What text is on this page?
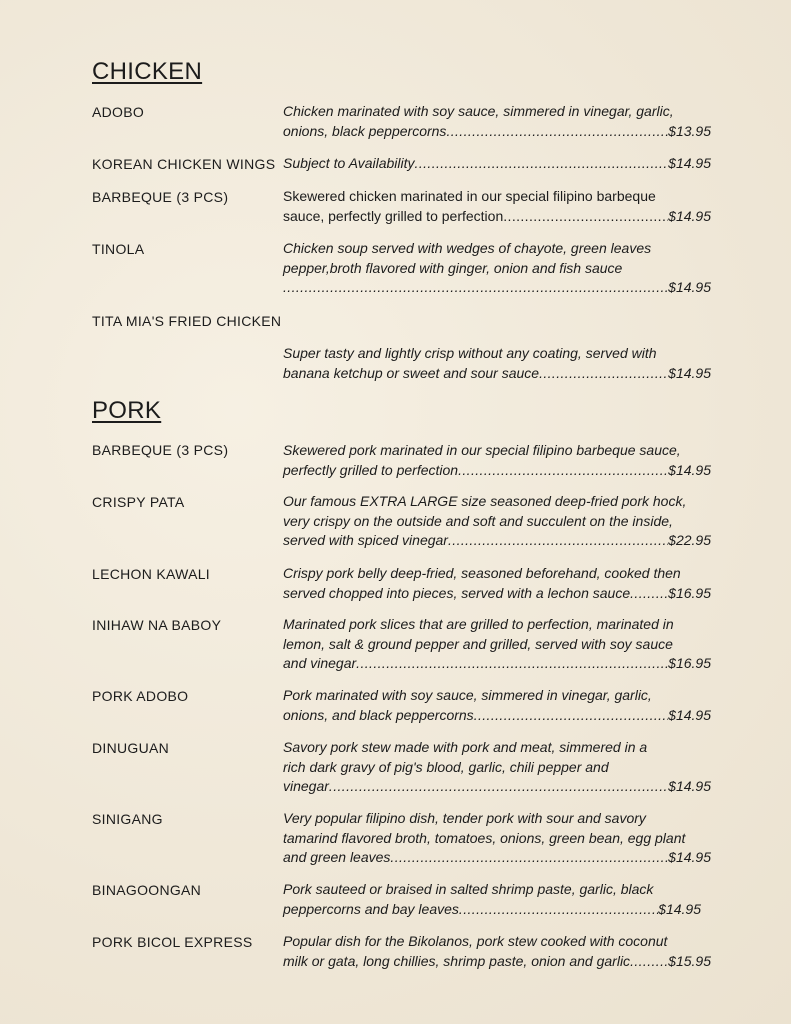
CHICKEN
ADOBO	Chicken marinated with soy sauce, simmered in vinegar, garlic,
onions, black peppercorns .....	$13.95
KOREAN CHICKEN WINGS Subject to Availability .....	$14.95
BARBEQUE (3 PCS)	Skewered chicken marinated in our special filipino barbeque
sauce, perfectly grilled to perfection .....	$14.95
TINOLA	Chicken soup served with wedges of chayote, green leaves
pepper,broth flavored with ginger, onion and fish sauce
.....
$14.95
TITA MIA'S FRIED CHICKEN
Super tasty and lightly crisp without any coating, served with
banana ketchup or sweet and sour sauce .....	$14.95
PORK
BARBEQUE (3 PCS)	Skewered pork marinated in our special filipino barbeque sauce,
perfectly grilled to perfection .....	$14.95
CRISPY PATA	Our famous EXTRA LARGE size seasoned deep-fried pork hock,
very crispy on the outside and soft and succulent on the inside,
served with spiced vinegar .....	$22.95
LECHON KAWALI	Crispy pork belly deep-fried, seasoned beforehand, cooked then
served chopped into pieces, served with a lechon sauce .....	$16.95
INIHAW NA BABOY	Marinated pork slices that are grilled to perfection, marinated in
lemon, salt & ground pepper and grilled, served with soy sauce
and vinegar .....	$16.95
PORK ADOBO	Pork marinated with soy sauce, simmered in vinegar, garlic,
onions, and black peppercorns .....	$14.95
DINUGUAN	Savory pork stew made with pork and meat, simmered in a
rich dark gravy of pig's blood, garlic, chili pepper and
vinegar .....	$14.95
SINIGANG	Very popular filipino dish, tender pork with sour and savory
tamarind flavored broth, tomatoes, onions, green bean, egg plant
and green leaves .....	$14.95
BINAGOONGAN	Pork sauteed or braised in salted shrimp paste, garlic, black
peppercorns and bay leaves .....	$14.95
PORK BICOL EXPRESS Popular dish for the Bikolanos, pork stew cooked with coconut
milk or gata, long chillies, shrimp paste, onion and garlic .....	$15.95
